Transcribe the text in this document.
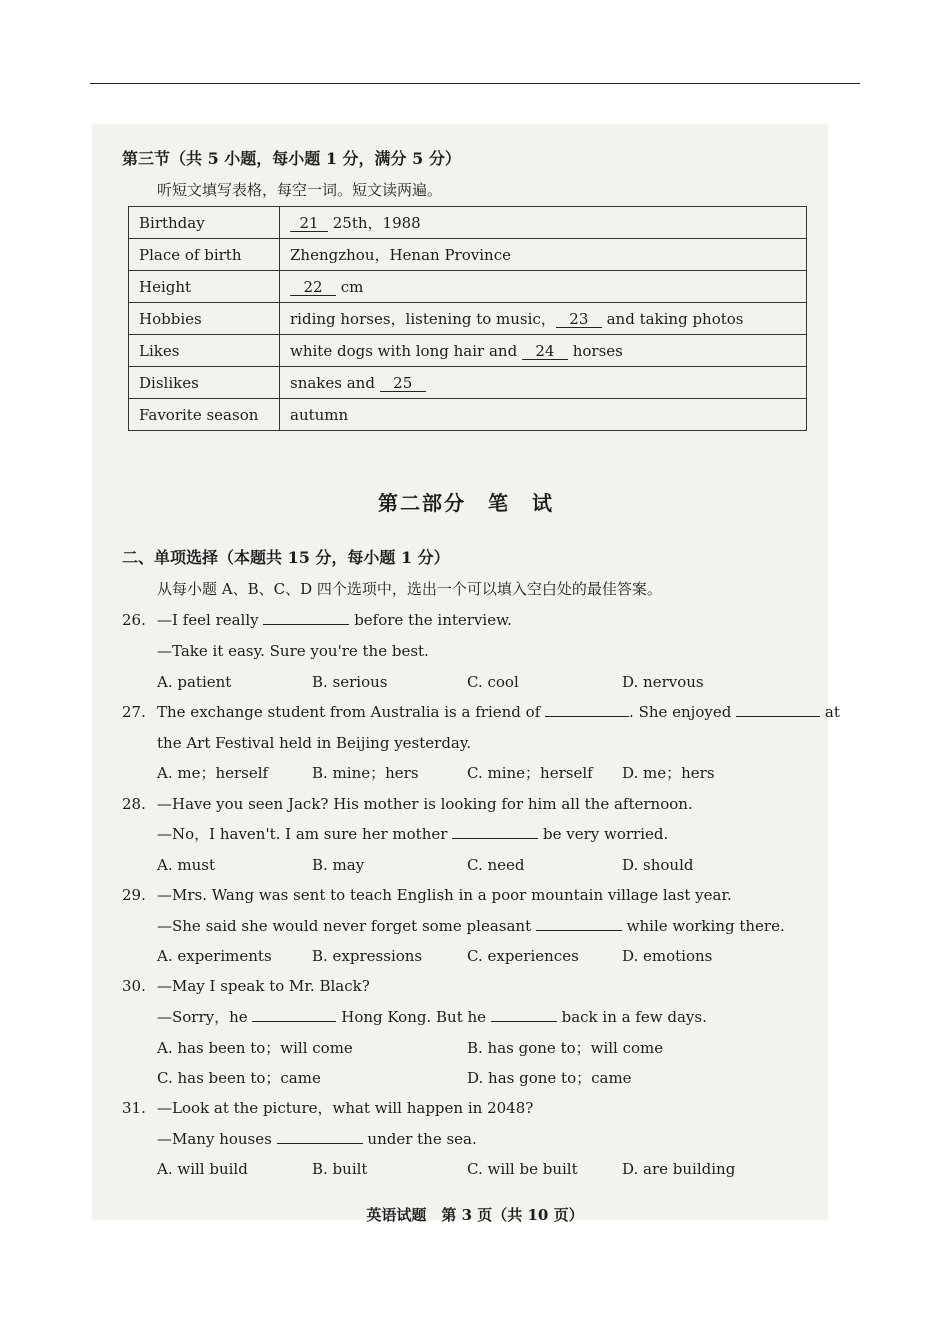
第三节（共 5 小题，每小题 1 分，满分 5 分）
听短文填写表格，每空一词。短文读两遍。
Birthday	21 25th，1988
Place of birth	Zhengzhou，Henan Province
Height	22 cm
Hobbies	riding horses，listening to music， 23 and taking photos
Likes	white dogs with long hair and 24 horses
Dislikes	snakes and 25
Favorite season	autumn
第二部分　笔　试
二、单项选择（本题共 15 分，每小题 1 分）
从每小题 A、B、C、D 四个选项中，选出一个可以填入空白处的最佳答案。
26. —I feel really	before the interview.
—Take it easy. Sure you're the best.
A. patient	B. serious	C. cool	D. nervous
27. The exchange student from Australia is a friend of	. She enjoyed	at
the Art Festival held in Beijing yesterday.
A. me；herself	B. mine；hers	C. mine；herself D. me；hers
28. —Have you seen Jack? His mother is looking for him all the afternoon.
—No，I haven't. I am sure her mother	be very worried.
A. must	B. may	C. need	D. should
29. —Mrs. Wang was sent to teach English in a poor mountain village last year.
—She said she would never forget some pleasant	while working there.
A. experiments	B. expressions	C. experiences	D. emotions
30. —May I speak to Mr. Black?
—Sorry，he	Hong Kong. But he	back in a few days.
A. has been to；will come	B. has gone to；will come
C. has been to；came	D. has gone to；came
31. —Look at the picture，what will happen in 2048?
—Many houses	under the sea.
A. will build	B. built	C. will be built	D. are building
英语试题　第 3 页（共 10 页）
